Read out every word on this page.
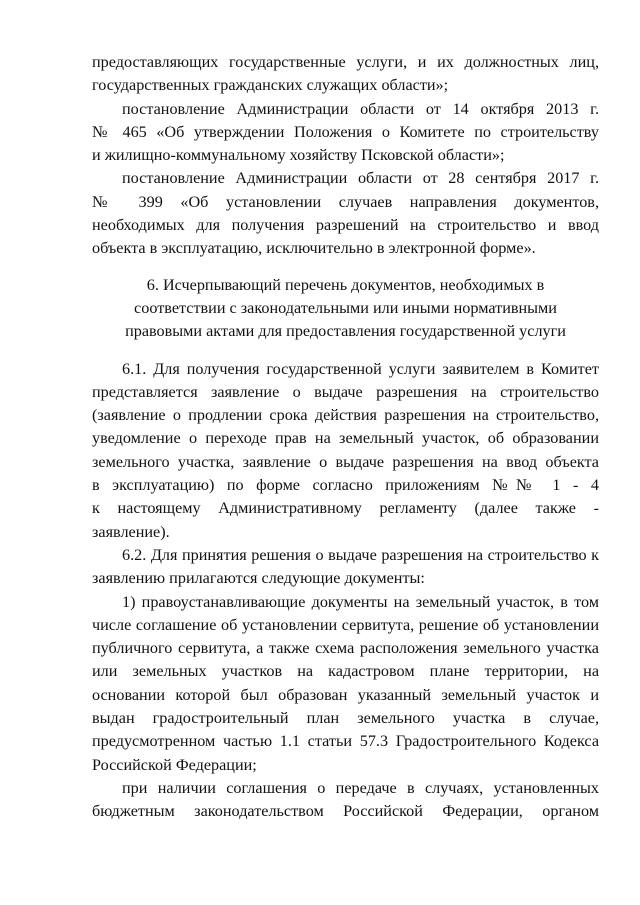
предоставляющих государственные услуги, и их должностных лиц,
государственных гражданских служащих области»;
постановление Администрации области от 14 октября 2013 г.
№ 465 «Об утверждении Положения о Комитете по строительству
и жилищно-коммунальному хозяйству Псковской области»;
постановление Администрации области от 28 сентября 2017 г.
№ 399 «Об установлении случаев направления документов,
необходимых для получения разрешений на строительство и ввод
объекта в эксплуатацию, исключительно в электронной форме».
6. Исчерпывающий перечень документов, необходимых в
соответствии с законодательными или иными нормативными
правовыми актами для предоставления государственной услуги
6.1. Для получения государственной услуги заявителем в Комитет
представляется заявление о выдаче разрешения на строительство
(заявление о продлении срока действия разрешения на строительство,
уведомление о переходе прав на земельный участок, об образовании
земельного участка, заявление о выдаче разрешения на ввод объекта
в эксплуатацию) по форме согласно приложениям №№ 1 - 4
к настоящему Административному регламенту (далее также -
заявление).
6.2. Для принятия решения о выдаче разрешения на строительство к
заявлению прилагаются следующие документы:
1) правоустанавливающие документы на земельный участок, в том
числе соглашение об установлении сервитута, решение об установлении
публичного сервитута, а также схема расположения земельного участка
или земельных участков на кадастровом плане территории, на
основании которой был образован указанный земельный участок и
выдан градостроительный план земельного участка в случае,
предусмотренном частью 1.1 статьи 57.3 Градостроительного Кодекса
Российской Федерации;
при наличии соглашения о передаче в случаях, установленных
бюджетным законодательством Российской Федерации, органом
